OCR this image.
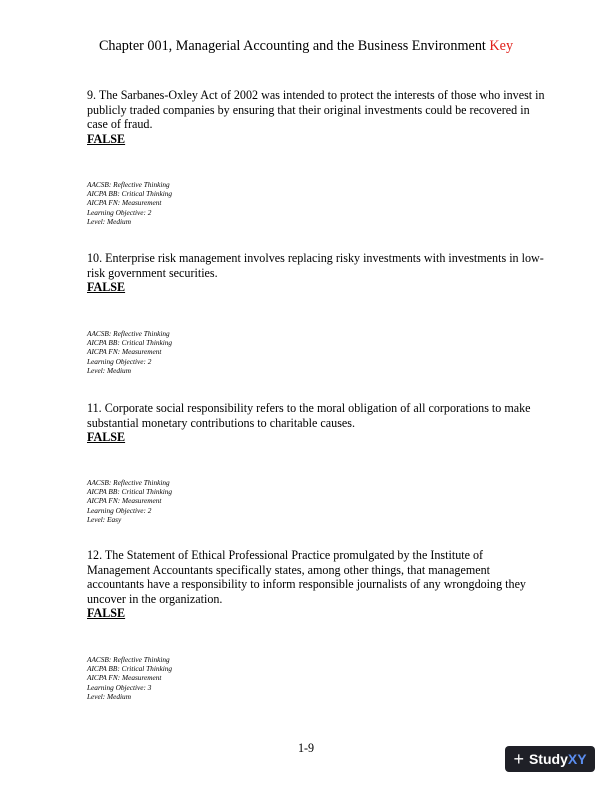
Chapter 001, Managerial Accounting and the Business Environment Key

9. The Sarbanes-Oxley Act of 2002 was intended to protect the interests of those who invest in publicly traded companies by ensuring that their original investments could be recovered in case of fraud.

FALSE

AACSB: Reflective Thinking
AICPA BB: Critical Thinking
AICPA FN: Measurement
Learning Objective: 2
Level: Medium

10. Enterprise risk management involves replacing risky investments with investments in low-risk government securities.

FALSE

AACSB: Reflective Thinking
AICPA BB: Critical Thinking
AICPA FN: Measurement
Learning Objective: 2
Level: Medium

11. Corporate social responsibility refers to the moral obligation of all corporations to make substantial monetary contributions to charitable causes.

FALSE

AACSB: Reflective Thinking
AICPA BB: Critical Thinking
AICPA FN: Measurement
Learning Objective: 2
Level: Easy

12. The Statement of Ethical Professional Practice promulgated by the Institute of Management Accountants specifically states, among other things, that management accountants have a responsibility to inform responsible journalists of any wrongdoing they uncover in the organization.

FALSE

AACSB: Reflective Thinking
AICPA BB: Critical Thinking
AICPA FN: Measurement
Learning Objective: 3
Level: Medium
1-9
+ Study XY
